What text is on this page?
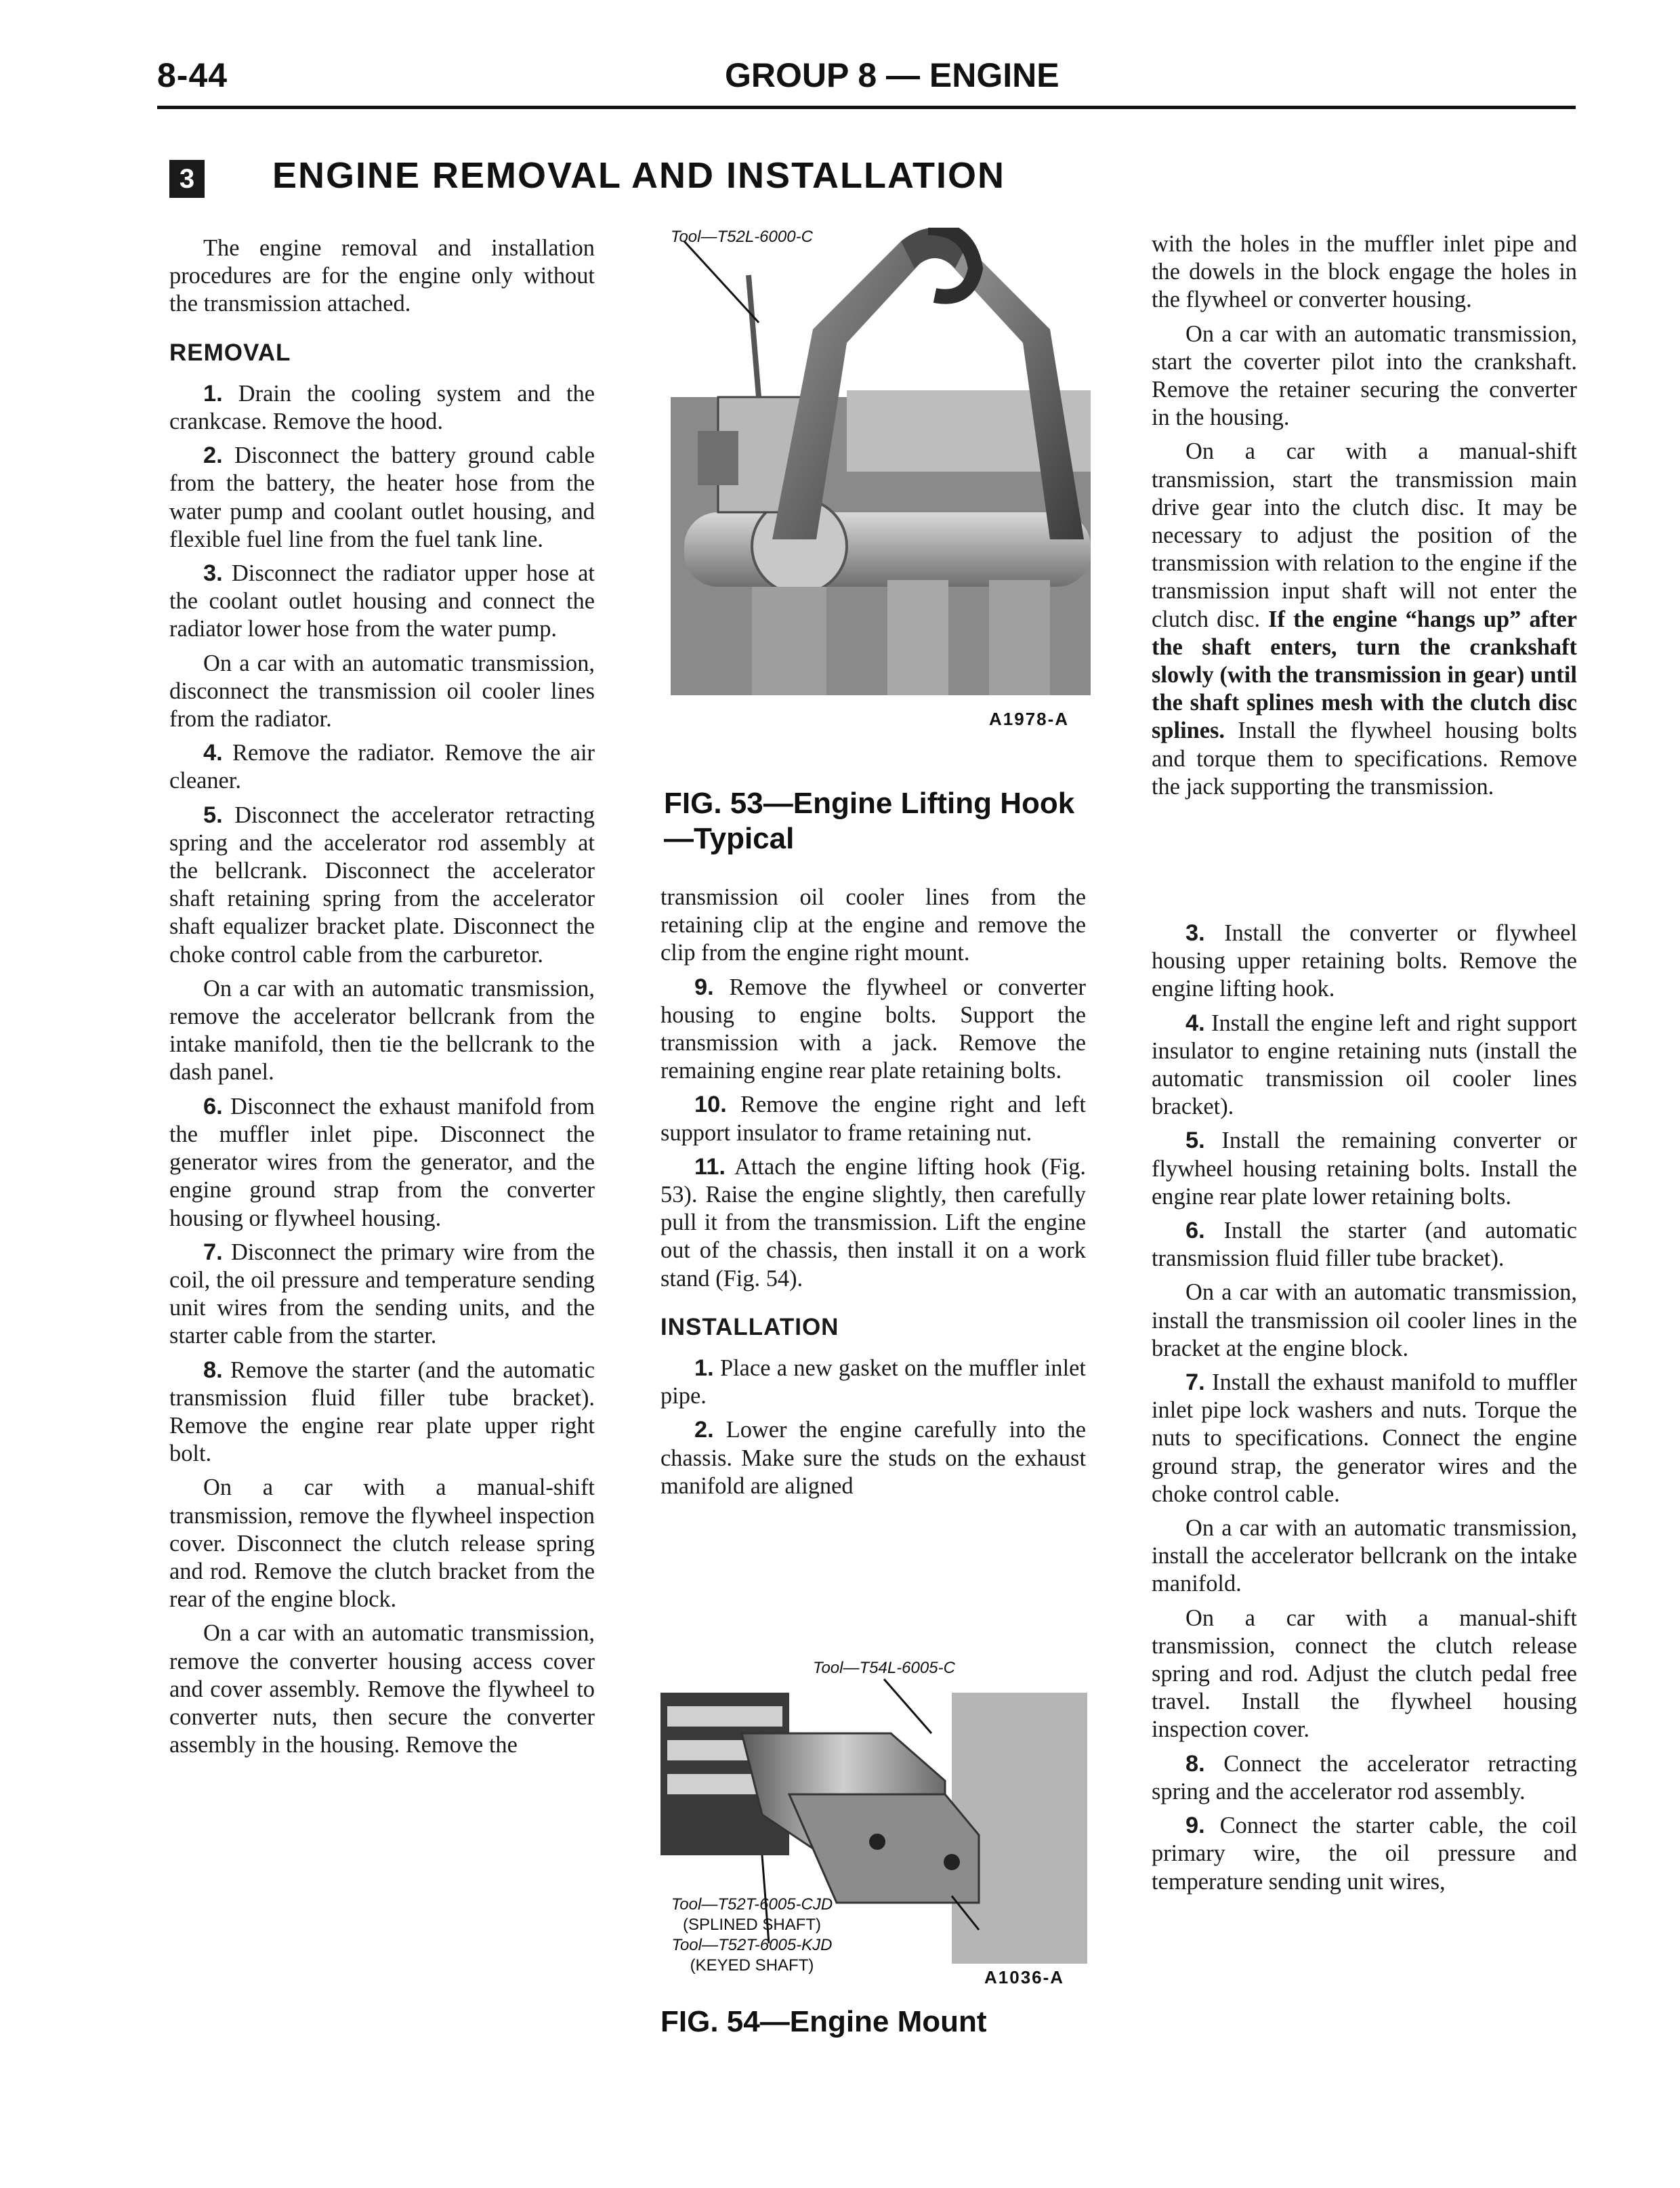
8-44	GROUP 8 — ENGINE
3 ENGINE REMOVAL AND INSTALLATION

The engine removal and installation procedures are for the engine only without the transmission attached.

REMOVAL

1. Drain the cooling system and the crankcase. Remove the hood.

2. Disconnect the battery ground cable from the battery, the heater hose from the water pump and coolant outlet housing, and flexible fuel line from the fuel tank line.

3. Disconnect the radiator upper hose at the coolant outlet housing and connect the radiator lower hose from the water pump.

On a car with an automatic transmission, disconnect the transmission oil cooler lines from the radiator.

4. Remove the radiator. Remove the air cleaner.

5. Disconnect the accelerator retracting spring and the accelerator rod assembly at the bellcrank. Disconnect the accelerator shaft retaining spring from the accelerator shaft equalizer bracket plate. Disconnect the choke control cable from the carburetor.

On a car with an automatic transmission, remove the accelerator bellcrank from the intake manifold, then tie the bellcrank to the dash panel.

6. Disconnect the exhaust manifold from the muffler inlet pipe. Disconnect the generator wires from the generator, and the engine ground strap from the converter housing or flywheel housing.

7. Disconnect the primary wire from the coil, the oil pressure and temperature sending unit wires from the sending units, and the starter cable from the starter.

8. Remove the starter (and the automatic transmission fluid filler tube bracket). Remove the engine rear plate upper right bolt.

On a car with a manual-shift transmission, remove the flywheel inspection cover. Disconnect the clutch release spring and rod. Remove the clutch bracket from the rear of the engine block.

On a car with an automatic transmission, remove the converter housing access cover and cover assembly. Remove the flywheel to converter nuts, then secure the converter assembly in the housing. Remove the

Tool—T52L-6000-C
A1978-A
FIG. 53—Engine Lifting Hook—Typical

transmission oil cooler lines from the retaining clip at the engine and remove the clip from the engine right mount.

9. Remove the flywheel or converter housing to engine bolts. Support the transmission with a jack. Remove the remaining engine rear plate retaining bolts.

10. Remove the engine right and left support insulator to frame retaining nut.

11. Attach the engine lifting hook (Fig. 53). Raise the engine slightly, then carefully pull it from the transmission. Lift the engine out of the chassis, then install it on a work stand (Fig. 54).

INSTALLATION

1. Place a new gasket on the muffler inlet pipe.

2. Lower the engine carefully into the chassis. Make sure the studs on the exhaust manifold are aligned

Tool—T54L-6005-C
Tool—T52T-6005-CJD
(SPLINED SHAFT)
Tool—T52T-6005-KJD
(KEYED SHAFT)
A1036-A
FIG. 54—Engine Mount

with the holes in the muffler inlet pipe and the dowels in the block engage the holes in the flywheel or converter housing.

On a car with an automatic transmission, start the coverter pilot into the crankshaft. Remove the retainer securing the converter in the housing.

On a car with a manual-shift transmission, start the transmission main drive gear into the clutch disc. It may be necessary to adjust the position of the transmission with relation to the engine if the transmission input shaft will not enter the clutch disc. If the engine “hangs up” after the shaft enters, turn the crankshaft slowly (with the transmission in gear) until the shaft splines mesh with the clutch disc splines. Install the flywheel housing bolts and torque them to specifications. Remove the jack supporting the transmission.

3. Install the converter or flywheel housing upper retaining bolts. Remove the engine lifting hook.

4. Install the engine left and right support insulator to engine retaining nuts (install the automatic transmission oil cooler lines bracket).

5. Install the remaining converter or flywheel housing retaining bolts. Install the engine rear plate lower retaining bolts.

6. Install the starter (and automatic transmission fluid filler tube bracket).

On a car with an automatic transmission, install the transmission oil cooler lines in the bracket at the engine block.

7. Install the exhaust manifold to muffler inlet pipe lock washers and nuts. Torque the nuts to specifications. Connect the engine ground strap, the generator wires and the choke control cable.

On a car with an automatic transmission, install the accelerator bellcrank on the intake manifold.

On a car with a manual-shift transmission, connect the clutch release spring and rod. Adjust the clutch pedal free travel. Install the flywheel housing inspection cover.

8. Connect the accelerator retracting spring and the accelerator rod assembly.

9. Connect the starter cable, the coil primary wire, the oil pressure and temperature sending unit wires,
